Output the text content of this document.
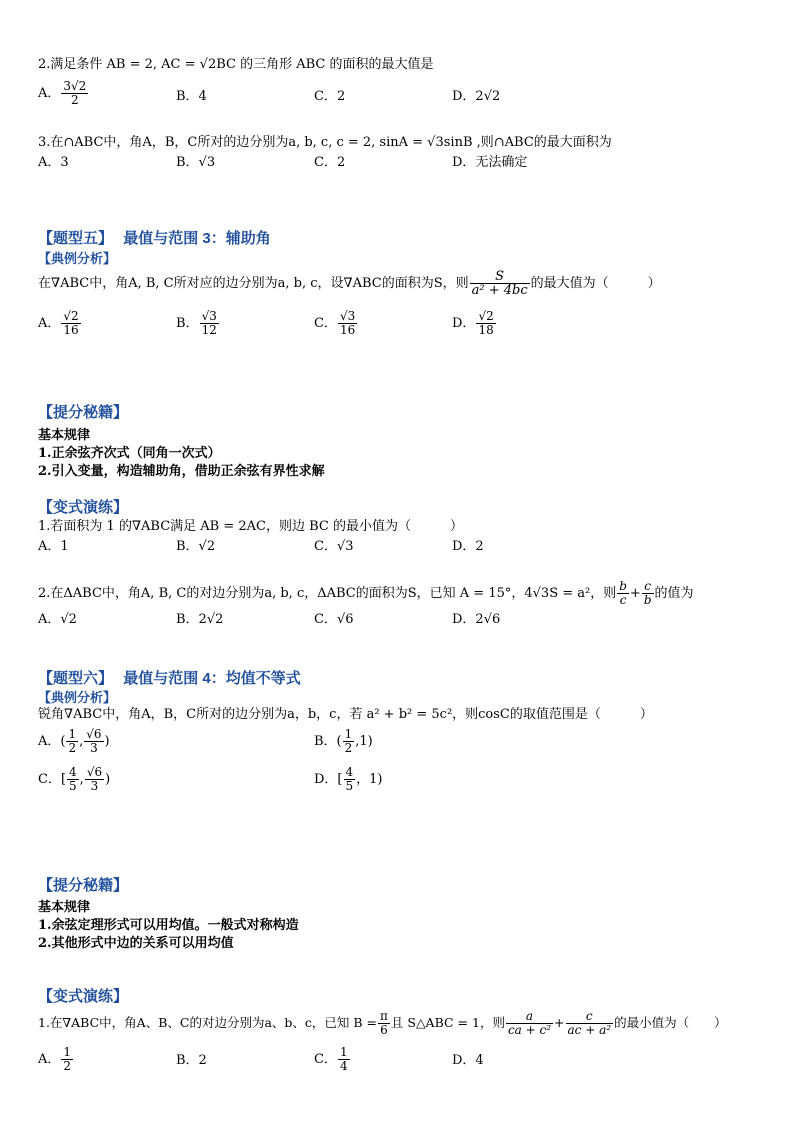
2.满足条件 AB = 2, AC = √2BC 的三角形 ABC 的面积的最大值是
A． $\frac{3√2}{2}$	B．4	C．2	D．2√2
3.在∩ABC中，角A，B，C所对的边分别为a, b, c, c = 2, sinA = √3sinB ,则∩ABC的最大面积为
A．3	B．√3	C．2	D．无法确定
【题型五】 最值与范围 3：辅助角
【典例分析】
在∇ABC中，角A, B, C所对应的边分别为a, b, c，设∇ABC的面积为S，则 $\frac{S}{\text{a² + 4bc}}$ 的最大值为（　　　）
A． $\frac{√2}{16}$	B． $\frac{√3}{12}$	C． $\frac{√3}{16}$	D． $\frac{√2}{18}$
【提分秘籍】
基本规律
1.正余弦齐次式（同角一次式）
2.引入变量，构造辅助角，借助正余弦有界性求解
【变式演练】
1.若面积为 1 的∇ABC满足 AB = 2AC，则边 BC 的最小值为（　　　）
A．1	B．√2	C．√3	D．2
2.在ΔABC中，角A, B, C的对边分别为a, b, c，ΔABC的面积为S，已知 A = 15°，4√3S = a²，则 $\frac{b}{c} + \frac{c}{b}$ 的值为
A．√2	B．2√2	C．√6	D．2√6
【题型六】 最值与范围 4：均值不等式
【典例分析】
锐角∇ABC中，角A，B，C所对的边分别为a，b，c，若 a² + b² = 5c²，则cosC的取值范围是（　　　）
A．( $\frac{1}{2}$ , $\frac{√6}{3}$ )	B．( $\frac{1}{2} ,1$)
C．[ $\frac{4}{5}$ , $\frac{√6}{3}$ )	D．[ $\frac{4}{5}$ ，1)
【提分秘籍】
基本规律
1.余弦定理形式可以用均值。一般式对称构造
2.其他形式中边的关系可以用均值
【变式演练】
1.在∇ABC中，角A、B、C的对边分别为a、b、c，已知 $B = \frac{\pi}{6}$ 且 S△ABC = 1，则 $\frac{a}{\text{ca + c²}} + \frac{c}{\text{ac + a²}}$ 的最小值为（　　）
A． $\frac{1}{2}$	B．2	C． $\frac{1}{4}$	D．4
